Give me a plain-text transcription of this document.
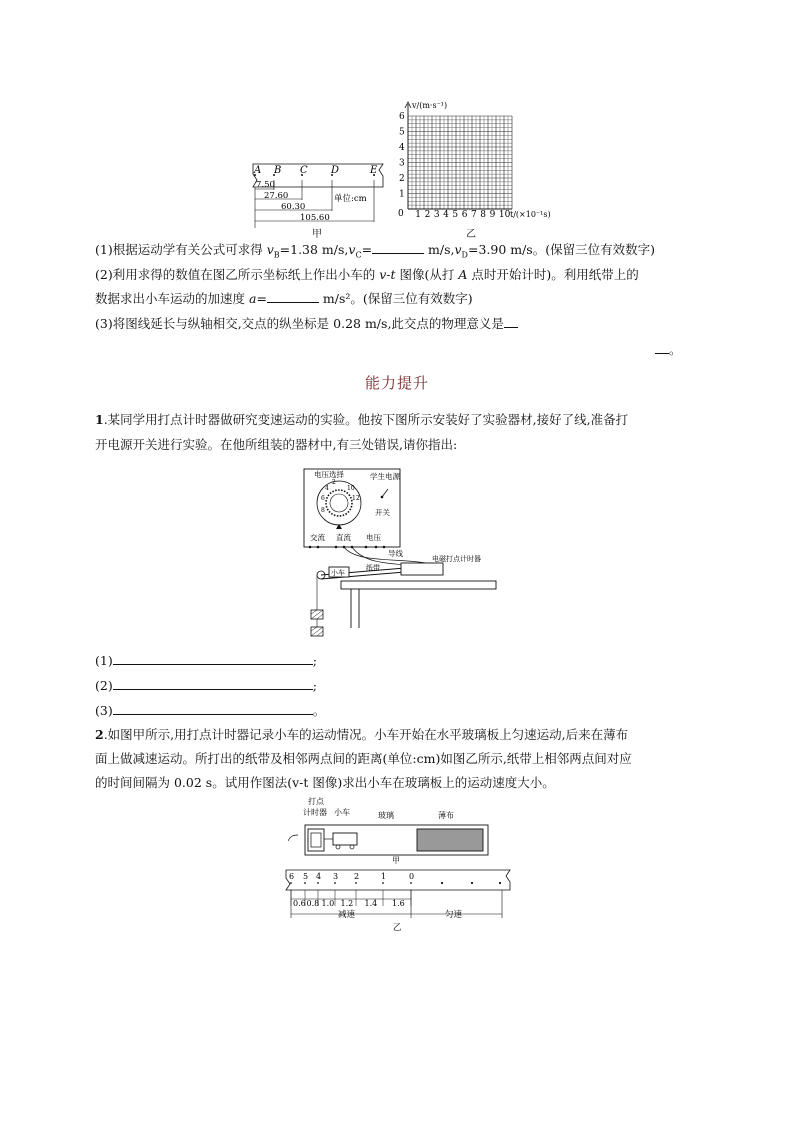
A B C D	E
7.50
27.60
60.30
105.60
单位:cm
甲
1
2
3
4
5
6
1 2 3 4 5 6 7 8 9 10
v/(m·s⁻¹)
0	t/(×10⁻¹s)
乙
(1)根据运动学有关公式可求得 $v_B=1.38$ $m/s,v_C=$	$m/s,v_D=3.90$ m/s。(保留三位有效数字)
(2)利用求得的数值在图乙所示坐标纸上作出小车的 v-t 图像(从打 A 点时开始计时)。利用纸带上的
数据求出小车运动的加速度 a=	m/s²。(保留三位有效数字)
(3)将图线延长与纵轴相交,交点的纵坐标是 0.28 m/s,此交点的物理意义是
。
能力提升
1.某同学用打点计时器做研究变速运动的实验。他按下图所示安装好了实验器材,接好了线,准备打
开电源开关进行实验。在他所组装的器材中,有三处错误,请你指出:
2
4
6
8
10
12
电压选择	学生电源
开关
交流 直流 电压
导线
电磁打点计时器
小车
纸带
(1)	;
(2)	;
(3)	。
2.如图甲所示,用打点计时器记录小车的运动情况。小车开始在水平玻璃板上匀速运动,后来在薄布
面上做减速运动。所打出的纸带及相邻两点间的距离(单位:cm)如图乙所示,纸带上相邻两点间对应
的时间间隔为 0.02 s。试用作图法(v-t 图像)求出小车在玻璃板上的运动速度大小。
打点
计时器 小车	玻璃	薄布
甲
6 5 4 3 2	1	0
0.6 0.8 1.0 1.2 1.4 1.6
减速	匀速
乙
